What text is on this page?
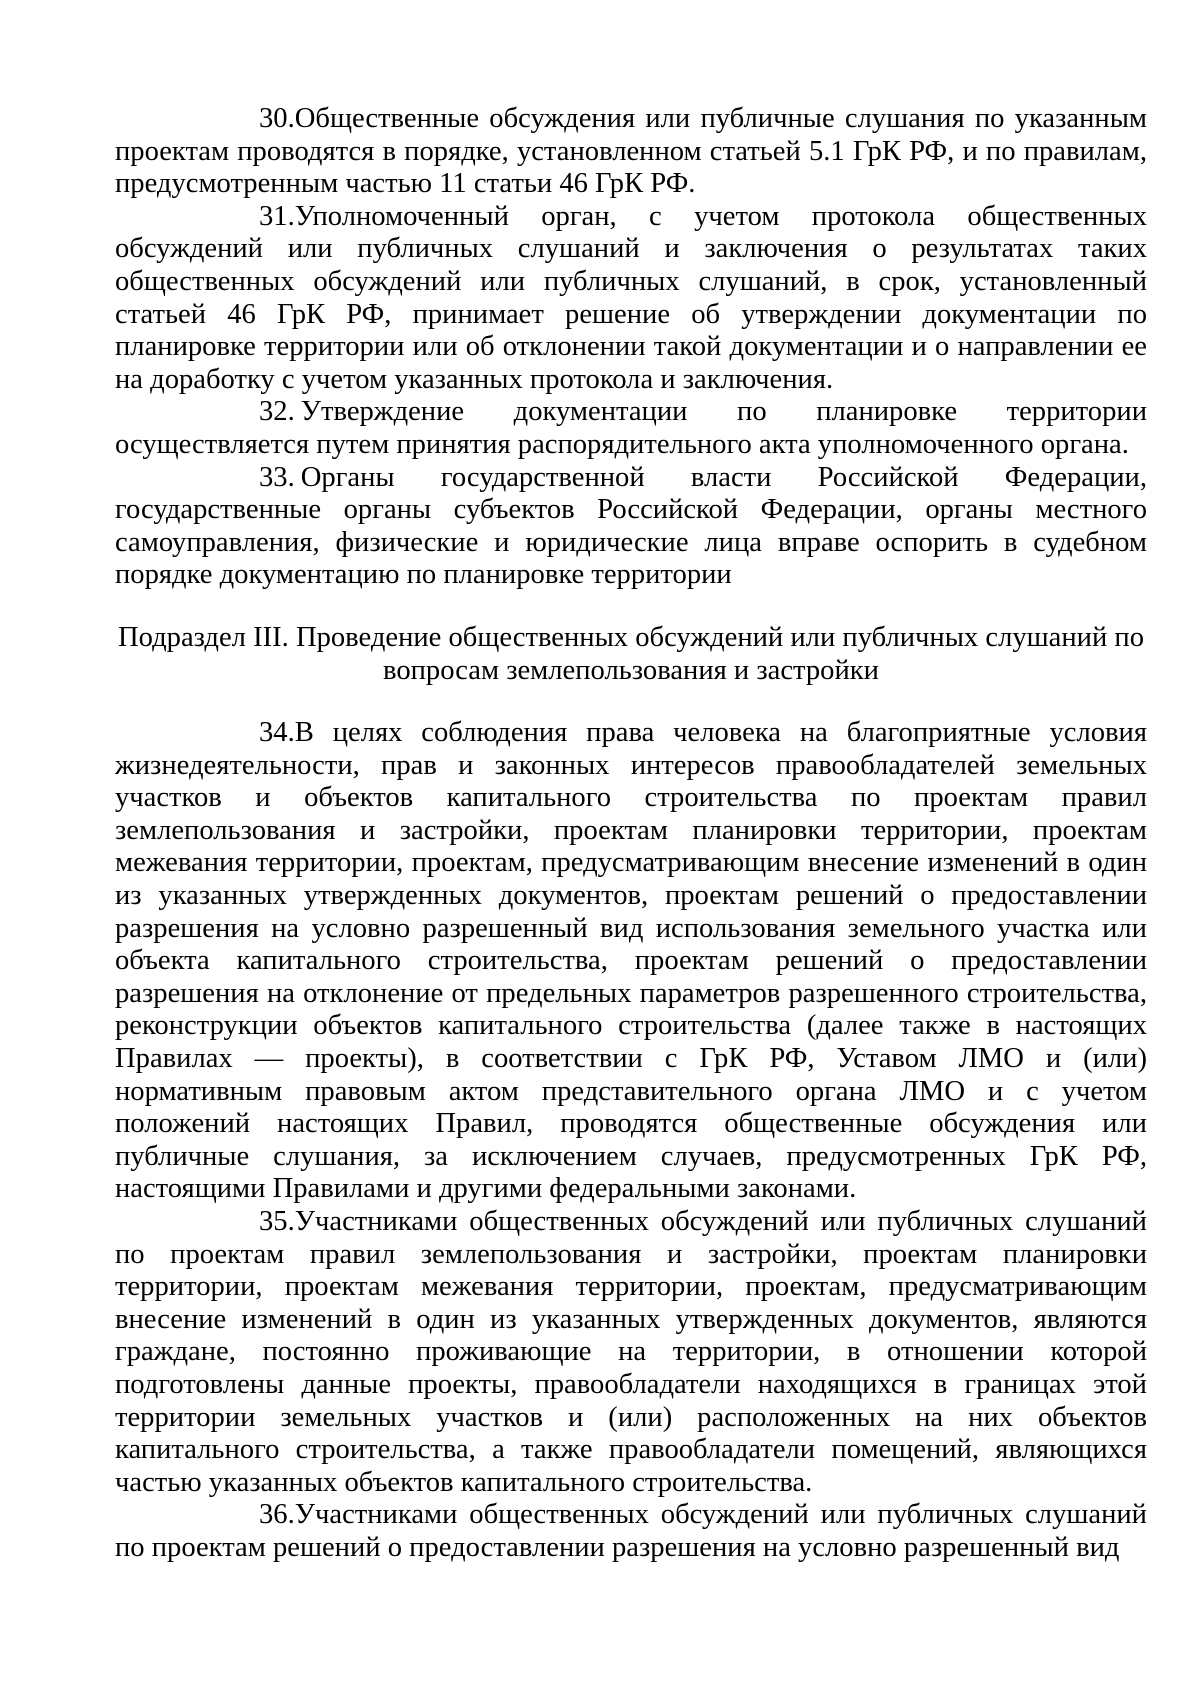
30.Общественные обсуждения или публичные слушания по указанным проектам проводятся в порядке, установленном статьей 5.1 ГрК РФ, и по правилам, предусмотренным частью 11 статьи 46 ГрК РФ.

31.Уполномоченный орган, с учетом протокола общественных обсуждений или публичных слушаний и заключения о результатах таких общественных обсуждений или публичных слушаний, в срок, установленный статьей 46 ГрК РФ, принимает решение об утверждении документации по планировке территории или об отклонении такой документации и о направлении ее на доработку с учетом указанных протокола и заключения.

32. Утверждение документации по планировке территории осуществляется путем принятия распорядительного акта уполномоченного органа.

33. Органы государственной власти Российской Федерации, государственные органы субъектов Российской Федерации, органы местного самоуправления, физические и юридические лица вправе оспорить в судебном порядке документацию по планировке территории

Подраздел III. Проведение общественных обсуждений или публичных слушаний по вопросам землепользования и застройки

34.В целях соблюдения права человека на благоприятные условия жизнедеятельности, прав и законных интересов правообладателей земельных участков и объектов капитального строительства по проектам правил землепользования и застройки, проектам планировки территории, проектам межевания территории, проектам, предусматривающим внесение изменений в один из указанных утвержденных документов, проектам решений о предоставлении разрешения на условно разрешенный вид использования земельного участка или объекта капитального строительства, проектам решений о предоставлении разрешения на отклонение от предельных параметров разрешенного строительства, реконструкции объектов капитального строительства (далее также в настоящих Правилах — проекты), в соответствии с ГрК РФ, Уставом ЛМО и (или) нормативным правовым актом представительного органа ЛМО и с учетом положений настоящих Правил, проводятся общественные обсуждения или публичные слушания, за исключением случаев, предусмотренных ГрК РФ, настоящими Правилами и другими федеральными законами.

35.Участниками общественных обсуждений или публичных слушаний по проектам правил землепользования и застройки, проектам планировки территории, проектам межевания территории, проектам, предусматривающим внесение изменений в один из указанных утвержденных документов, являются граждане, постоянно проживающие на территории, в отношении которой подготовлены данные проекты, правообладатели находящихся в границах этой территории земельных участков и (или) расположенных на них объектов капитального строительства, а также правообладатели помещений, являющихся частью указанных объектов капитального строительства.

36.Участниками общественных обсуждений или публичных слушаний по проектам решений о предоставлении разрешения на условно разрешенный вид
